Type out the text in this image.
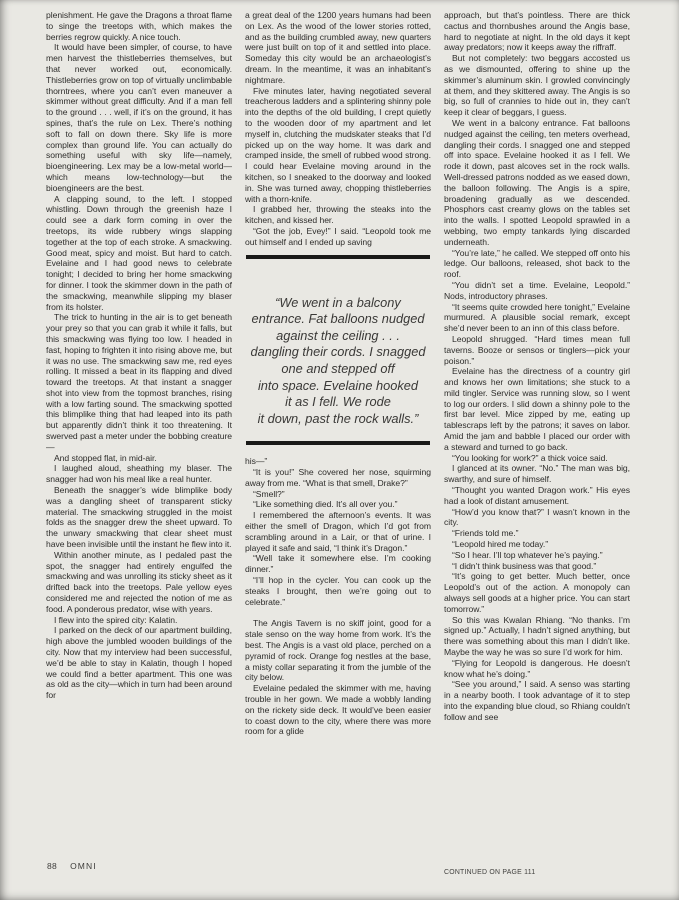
plenishment. He gave the Dragons a throat flame to singe the treetops with, which makes the berries regrow quickly. A nice touch.

It would have been simpler, of course, to have men harvest the thistleberries themselves, but that never worked out, economically. Thistleberries grow on top of virtually unclimbable thorntrees, where you can’t even maneuver a skimmer without great difficulty. And if a man fell to the ground . . . well, if it’s on the ground, it has spines, that’s the rule on Lex. There’s nothing soft to fall on down there. Sky life is more complex than ground life. You can actually do something useful with sky life—namely, bioengineering. Lex may be a low-metal world—which means low-technology—but the bioengineers are the best.

A clapping sound, to the left. I stopped whistling. Down through the greenish haze I could see a dark form coming in over the treetops, its wide rubbery wings slapping together at the top of each stroke. A smackwing. Good meat, spicy and moist. But hard to catch. Evelaine and I had good news to celebrate tonight; I decided to bring her home smackwing for dinner. I took the skimmer down in the path of the smackwing, meanwhile slipping my blaser from its holster.

The trick to hunting in the air is to get beneath your prey so that you can grab it while it falls, but this smackwing was flying too low. I headed in fast, hoping to frighten it into rising above me, but it was no use. The smackwing saw me, red eyes rolling. It missed a beat in its flapping and dived toward the treetops. At that instant a snagger shot into view from the topmost branches, rising with a low farting sound. The smackwing spotted this blimplike thing that had leaped into its path but apparently didn’t think it too threatening. It swerved past a meter under the bobbing creature—

And stopped flat, in mid-air.

I laughed aloud, sheathing my blaser. The snagger had won his meal like a real hunter.

Beneath the snagger’s wide blimplike body was a dangling sheet of transparent sticky material. The smackwing struggled in the moist folds as the snagger drew the sheet upward. To the unwary smackwing that clear sheet must have been invisible until the instant he flew into it.

Within another minute, as I pedaled past the spot, the snagger had entirely engulfed the smackwing and was unrolling its sticky sheet as it drifted back into the treetops. Pale yellow eyes considered me and rejected the notion of me as food. A ponderous predator, wise with years.

I flew into the spired city: Kalatin.

I parked on the deck of our apartment building, high above the jumbled wooden buildings of the city. Now that my interview had been successful, we’d be able to stay in Kalatin, though I hoped we could find a better apartment. This one was as old as the city—which in turn had been around for

a great deal of the 1200 years humans had been on Lex. As the wood of the lower stories rotted, and as the building crumbled away, new quarters were just built on top of it and settled into place. Someday this city would be an archaeologist’s dream. In the meantime, it was an inhabitant’s nightmare.

Five minutes later, having negotiated several treacherous ladders and a splintering shinny pole into the depths of the old building, I crept quietly to the wooden door of my apartment and let myself in, clutching the mudskater steaks that I’d picked up on the way home. It was dark and cramped inside, the smell of rubbed wood strong. I could hear Evelaine moving around in the kitchen, so I sneaked to the doorway and looked in. She was turned away, chopping thistleberries with a thorn-knife.

I grabbed her, throwing the steaks into the kitchen, and kissed her.

“Got the job, Evey!” I said. “Leopold took me out himself and I ended up saving

“We went in a balcony
entrance. Fat balloons nudged
against the ceiling . . .
dangling their cords. I snagged
one and stepped off
into space. Evelaine hooked
it as I fell. We rode
it down, past the rock walls.”

his—”

“It is you!” She covered her nose, squirming away from me. “What is that smell, Drake?”

“Smell?”

“Like something died. It’s all over you.”

I remembered the afternoon’s events. It was either the smell of Dragon, which I’d got from scrambling around in a Lair, or that of urine. I played it safe and said, “I think it’s Dragon.”

“Well take it somewhere else. I’m cooking dinner.”

“I’ll hop in the cycler. You can cook up the steaks I brought, then we’re going out to celebrate.”

The Angis Tavern is no skiff joint, good for a stale senso on the way home from work. It’s the best. The Angis is a vast old place, perched on a pyramid of rock. Orange fog nestles at the base, a misty collar separating it from the jumble of the city below.

Evelaine pedaled the skimmer with me, having trouble in her gown. We made a wobbly landing on the rickety side deck. It would’ve been easier to coast down to the city, where there was more room for a glide

approach, but that’s pointless. There are thick cactus and thornbushes around the Angis base, hard to negotiate at night. In the old days it kept away predators; now it keeps away the riffraff.

But not completely: two beggars accosted us as we dismounted, offering to shine up the skimmer’s aluminum skin. I growled convincingly at them, and they skittered away. The Angis is so big, so full of crannies to hide out in, they can’t keep it clear of beggars, I guess.

We went in a balcony entrance. Fat balloons nudged against the ceiling, ten meters overhead, dangling their cords. I snagged one and stepped off into space. Evelaine hooked it as I fell. We rode it down, past alcoves set in the rock walls. Well-dressed patrons nodded as we eased down, the balloon following. The Angis is a spire, broadening gradually as we descended. Phosphors cast creamy glows on the tables set into the walls. I spotted Leopold sprawled in a webbing, two empty tankards lying discarded underneath.

“You’re late,” he called. We stepped off onto his ledge. Our balloons, released, shot back to the roof.

“You didn’t set a time. Evelaine, Leopold.” Nods, introductory phrases.

“It seems quite crowded here tonight,” Evelaine murmured. A plausible social remark, except she’d never been to an inn of this class before.

Leopold shrugged. “Hard times mean full taverns. Booze or sensos or tinglers—pick your poison.”

Evelaine has the directness of a country girl and knows her own limitations; she stuck to a mild tingler. Service was running slow, so I went to log our orders. I slid down a shinny pole to the first bar level. Mice zipped by me, eating up tablescraps left by the patrons; it saves on labor. Amid the jam and babble I placed our order with a steward and turned to go back.

“You looking for work?” a thick voice said.

I glanced at its owner. “No.” The man was big, swarthy, and sure of himself.

“Thought you wanted Dragon work.” His eyes had a look of distant amusement.

“How’d you know that?” I wasn’t known in the city.

“Friends told me.”

“Leopold hired me today.”

“So I hear. I’ll top whatever he’s paying.”

“I didn’t think business was that good.”

“It’s going to get better. Much better, once Leopold’s out of the action. A monopoly can always sell goods at a higher price. You can start tomorrow.”

So this was Kwalan Rhiang. “No thanks. I’m signed up.” Actually, I hadn’t signed anything, but there was something about this man I didn’t like. Maybe the way he was so sure I’d work for him.

“Flying for Leopold is dangerous. He doesn’t know what he’s doing.”

“See you around,” I said. A senso was starting in a nearby booth. I took advantage of it to step into the expanding blue cloud, so Rhiang couldn’t follow and see

CONTINUED ON PAGE 111
88 OMNI
